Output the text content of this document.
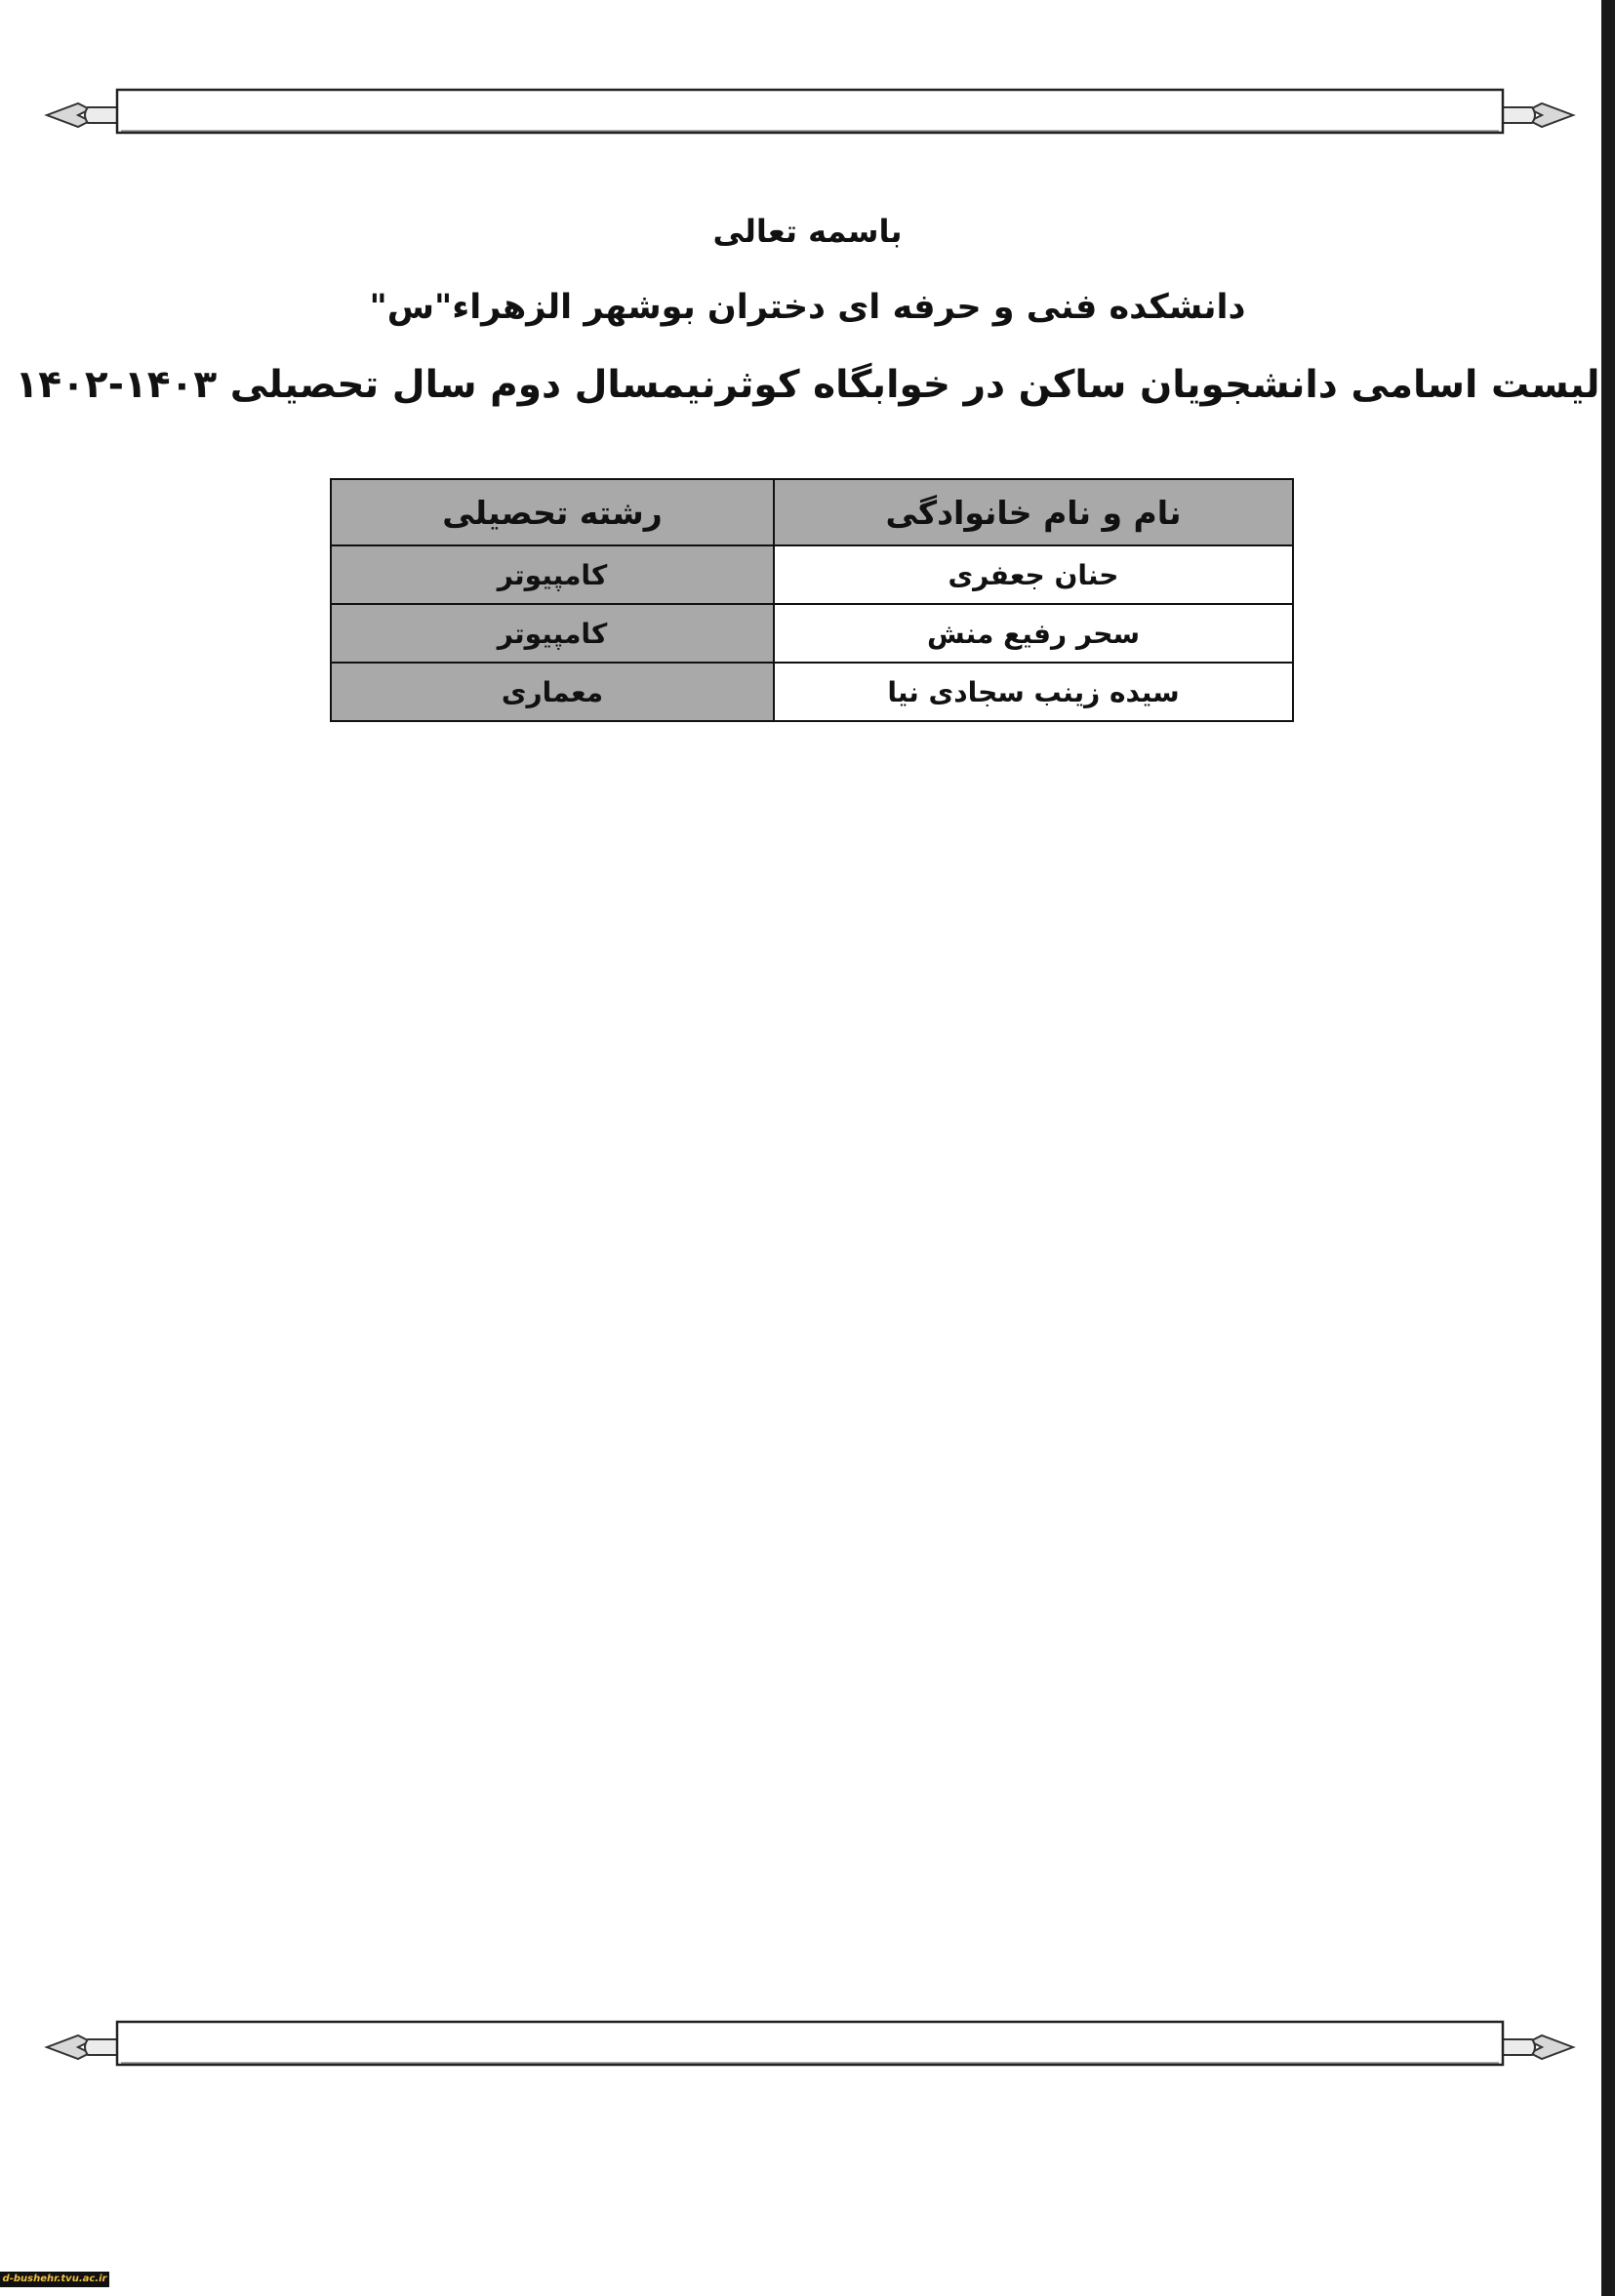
باسمه تعالی
دانشکده فنی و حرفه ای دختران بوشهر الزهراء"س"
لیست اسامی دانشجویان ساکن در خوابگاه کوثرنیمسال دوم سال تحصیلی ۱۴۰۳-۱۴۰۲
نام و نام خانوادگی	رشته تحصیلی
حنان جعفری	کامپیوتر
سحر رفیع منش	کامپیوتر
سیده زینب سجادی نیا	معماری
d-bushehr.tvu.ac.ir
